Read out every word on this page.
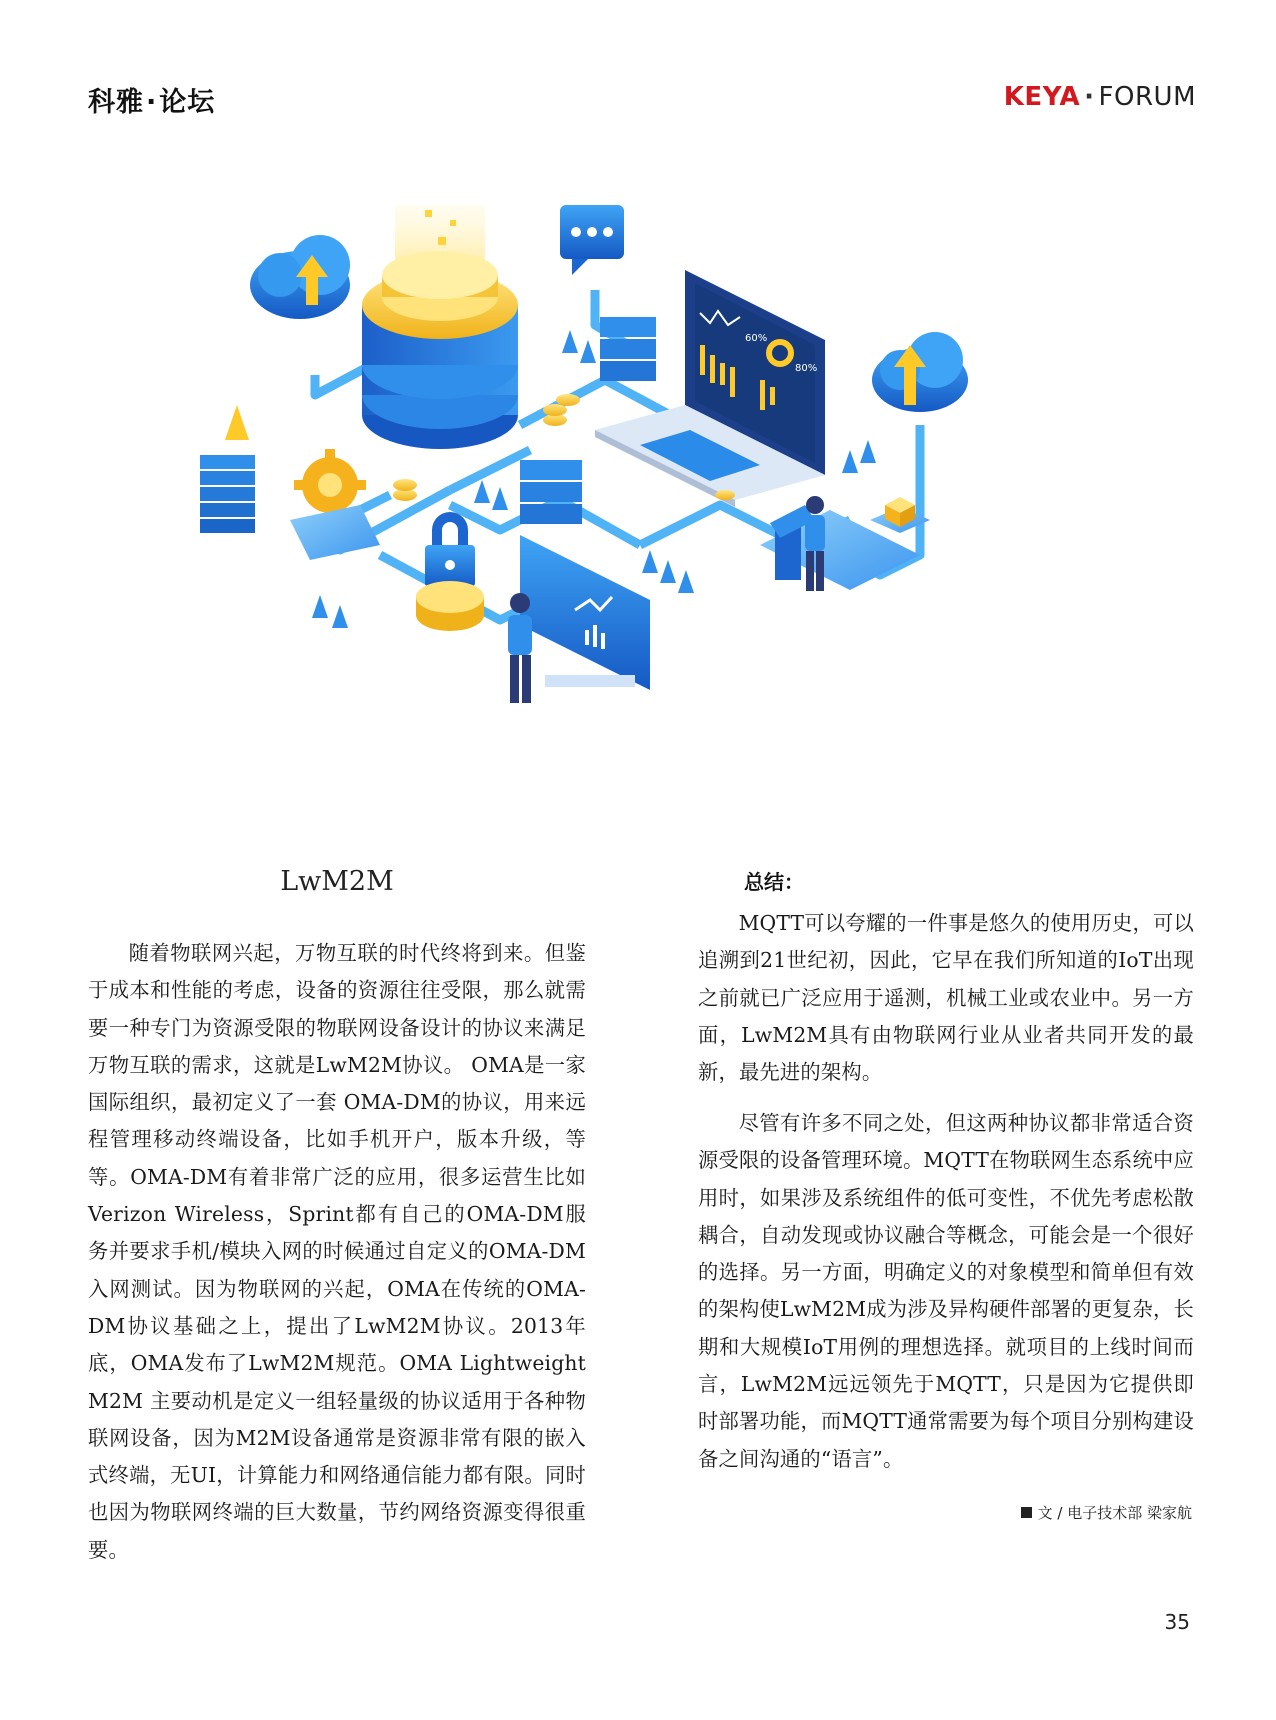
科雅·论坛	KEYA · FORUM
60%
80%
LwM2M

随着物联网兴起，万物互联的时代终将到来。但鉴于成本和性能的考虑，设备的资源往往受限，那么就需要一种专门为资源受限的物联网设备设计的协议来满足万物互联的需求，这就是LwM2M协议。 OMA是一家国际组织，最初定义了一套 OMA-DM的协议，用来远程管理移动终端设备，比如手机开户，版本升级，等等。OMA-DM有着非常广泛的应用，很多运营生比如Verizon Wireless，Sprint都有自己的OMA-DM服务并要求手机/模块入网的时候通过自定义的OMA-DM入网测试。因为物联网的兴起，OMA在传统的OMA-DM协议基础之上，提出了LwM2M协议。2013年底，OMA发布了LwM2M规范。OMA Lightweight M2M 主要动机是定义一组轻量级的协议适用于各种物联网设备，因为M2M设备通常是资源非常有限的嵌入式终端，无UI，计算能力和网络通信能力都有限。同时也因为物联网终端的巨大数量，节约网络资源变得很重要。

总结：

MQTT可以夸耀的一件事是悠久的使用历史，可以追溯到21世纪初，因此，它早在我们所知道的IoT出现之前就已广泛应用于遥测，机械工业或农业中。另一方面，LwM2M具有由物联网行业从业者共同开发的最新，最先进的架构。

尽管有许多不同之处，但这两种协议都非常适合资源受限的设备管理环境。MQTT在物联网生态系统中应用时，如果涉及系统组件的低可变性，不优先考虑松散耦合，自动发现或协议融合等概念，可能会是一个很好的选择。另一方面，明确定义的对象模型和简单但有效的架构使LwM2M成为涉及异构硬件部署的更复杂，长期和大规模IoT用例的理想选择。就项目的上线时间而言，LwM2M远远领先于MQTT，只是因为它提供即时部署功能，而MQTT通常需要为每个项目分别构建设备之间沟通的“语言”。

文 / 电子技术部 梁家航
35
